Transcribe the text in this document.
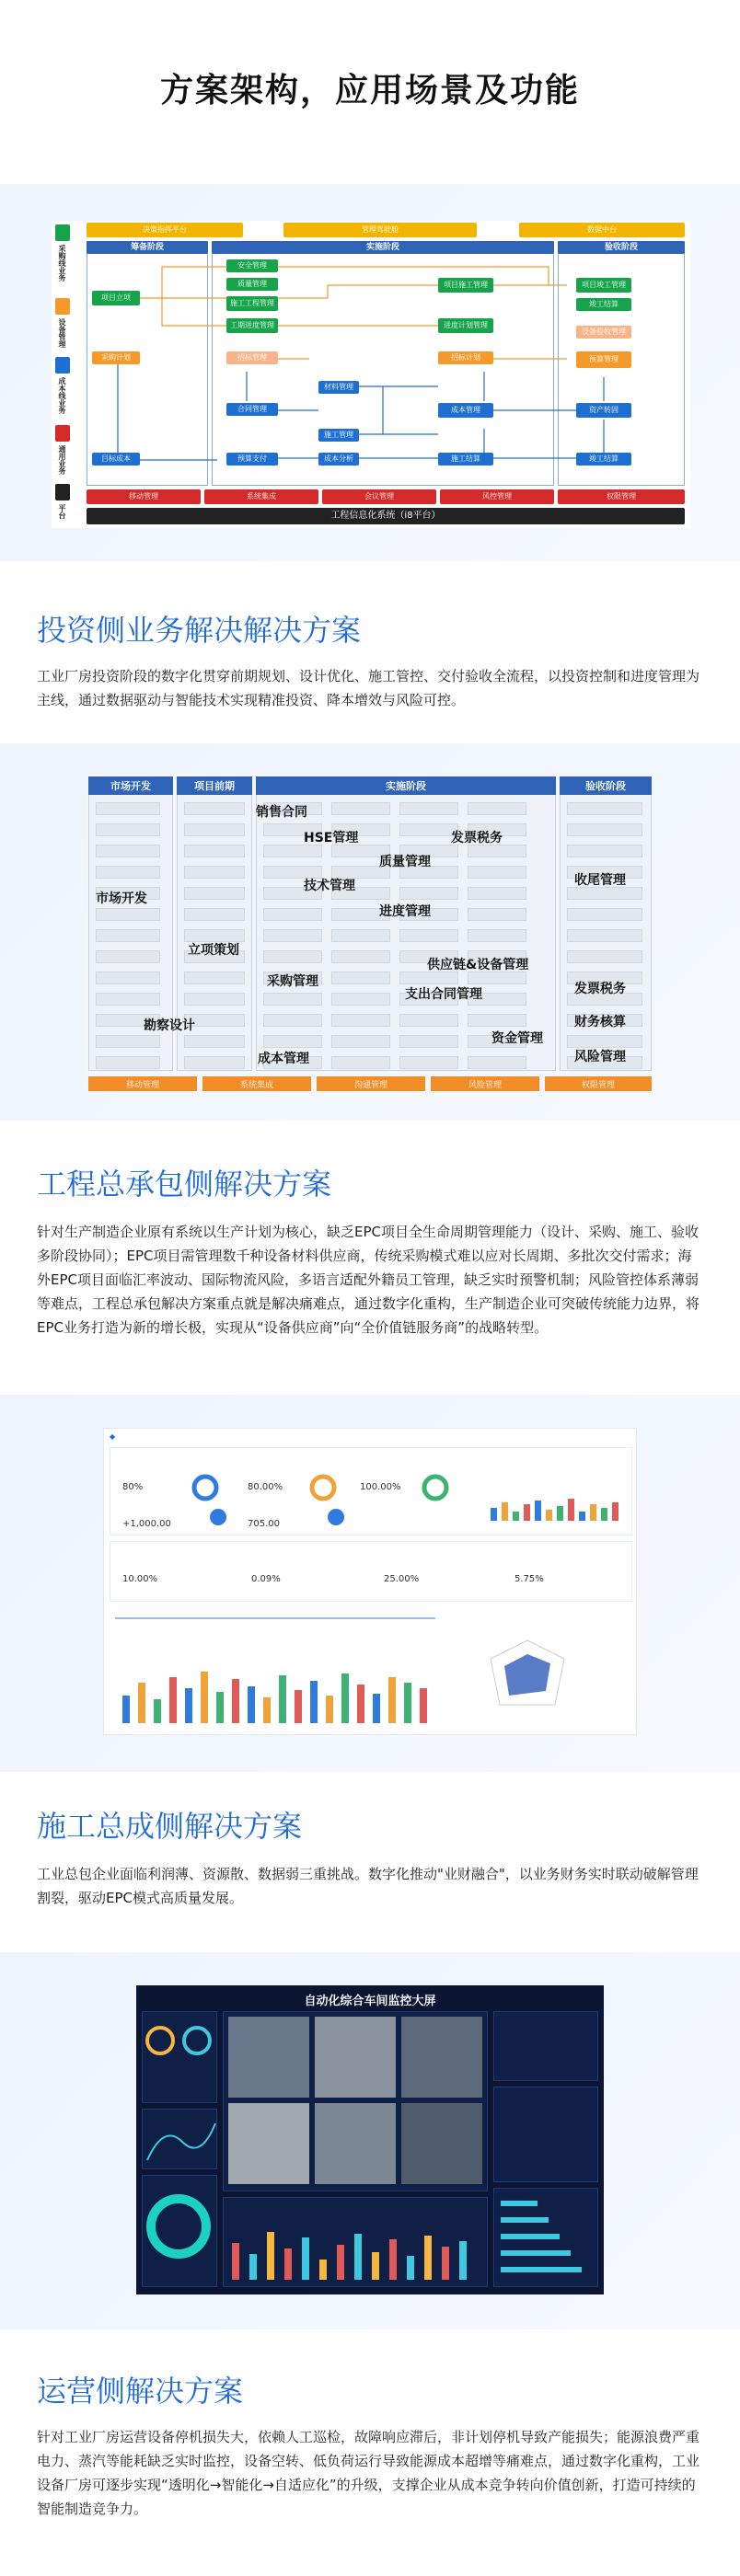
方案架构，应用场景及功能
采购线业务
设备管理
成本线业务
通用业务
平台
决策指挥平台	管理驾驶舱	数据中台
筹备阶段	实施阶段	验收阶段
项目立项
安全管理
质量管理
施工工程管理
工期进度管理
项目施工管理
进度计划管理
项目竣工管理
竣工结算
采购计划	招标管理
材料管理
招标计划
设备验收管理
预算管理
合同管理
施工管理
成本管理	资产转固
目标成本	预算支付	成本分析	施工结算	竣工结算
移动管理	系统集成	会议管理	风控管理	权限管理
工程信息化系统（i8平台）
投资侧业务解决解决方案
工业厂房投资阶段的数字化贯穿前期规划、设计优化、施工管控、交付验收全流程，以投资控制和进度管理为主线，通过数据驱动与智能技术实现精准投资、降本增效与风险可控。
市场开发	项目前期	实施阶段	验收阶段
销售合同
HSE管理	发票税务
质量管理
技术管理
进度管理
市场开发
收尾管理
立项策划
供应链&设备管理
采购管理
支出合同管理	发票税务
勘察设计
资金管理
财务核算
成本管理	风险管理
移动管理	系统集成	沟通管理	风险管理	权限管理
工程总承包侧解决方案
针对生产制造企业原有系统以生产计划为核心，缺乏EPC项目全生命周期管理能力（设计、采购、施工、验收多阶段协同）；EPC项目需管理数千种设备材料供应商，传统采购模式难以应对长周期、多批次交付需求；海外EPC项目面临汇率波动、国际物流风险，多语言适配外籍员工管理，缺乏实时预警机制；风险管控体系薄弱等难点，工程总承包解决方案重点就是解决痛难点，通过数字化重构，生产制造企业可突破传统能力边界，将EPC业务打造为新的增长极，实现从“设备供应商”向“全价值链服务商”的战略转型。
◆
80%	80.00%	100.00%
+1,000.00	705.00
10.00%	0.09%	25.00%	5.75%
施工总成侧解决方案
工业总包企业面临利润薄、资源散、数据弱三重挑战。数字化推动"业财融合"，以业务财务实时联动破解管理割裂，驱动EPC模式高质量发展。
自动化综合车间监控大屏
运营侧解决方案
针对工业厂房运营设备停机损失大，依赖人工巡检，故障响应滞后，非计划停机导致产能损失；能源浪费严重电力、蒸汽等能耗缺乏实时监控，设备空转、低负荷运行导致能源成本超增等痛难点，通过数字化重构，工业设备厂房可逐步实现“透明化→智能化→自适应化”的升级，支撑企业从成本竞争转向价值创新，打造可持续的智能制造竞争力。
